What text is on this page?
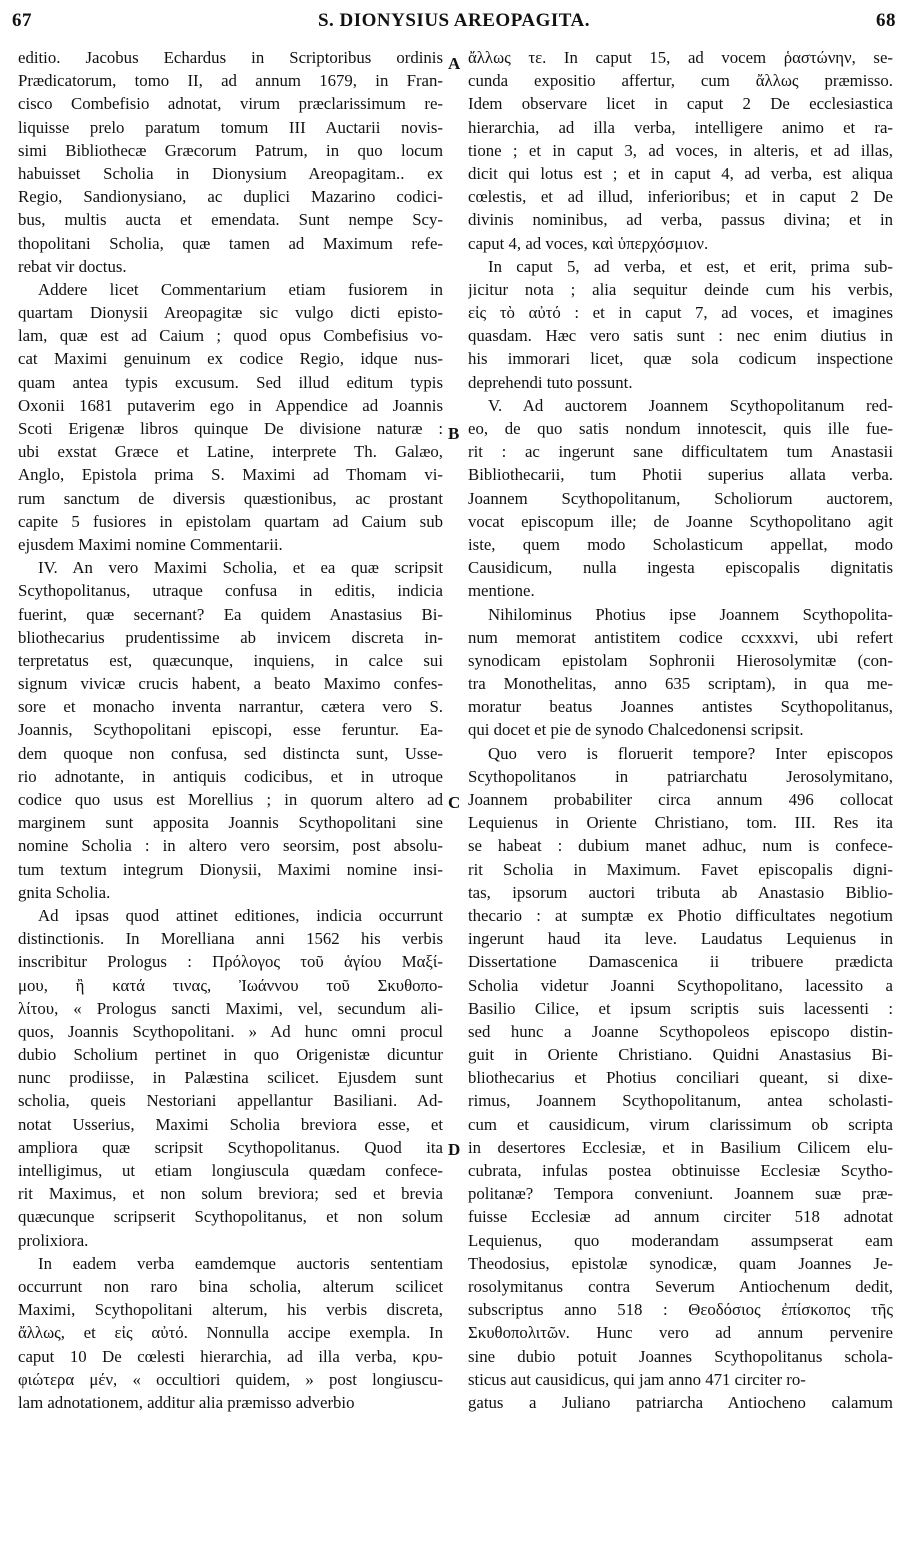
67	S. DIONYSIUS AREOPAGITA.	68
editio. Jacobus Echardus in Scriptoribus ordinis
Prædicatorum, tomo II, ad annum 1679, in Fran-
cisco Combefisio adnotat, virum præclarissimum re-
liquisse prelo paratum tomum III Auctarii novis-
simi Bibliothecæ Græcorum Patrum, in quo locum
habuisset Scholia in Dionysium Areopagitam.. ex
Regio, Sandionysiano, ac duplici Mazarino codici-
bus, multis aucta et emendata. Sunt nempe Scy-
thopolitani Scholia, quæ tamen ad Maximum refe-
rebat vir doctus.
Addere licet Commentarium etiam fusiorem in
quartam Dionysii Areopagitæ sic vulgo dicti episto-
lam, quæ est ad Caium ; quod opus Combefisius vo-
cat Maximi genuinum ex codice Regio, idque nus-
quam antea typis excusum. Sed illud editum typis
Oxonii 1681 putaverim ego in Appendice ad Joannis
Scoti Erigenæ libros quinque De divisione naturæ :
ubi exstat Græce et Latine, interprete Th. Galæo,
Anglo, Epistola prima S. Maximi ad Thomam vi-
rum sanctum de diversis quæstionibus, ac prostant
capite 5 fusiores in epistolam quartam ad Caium sub
ejusdem Maximi nomine Commentarii.
IV. An vero Maximi Scholia, et ea quæ scripsit
Scythopolitanus, utraque confusa in editis, indicia
fuerint, quæ secernant? Ea quidem Anastasius Bi-
bliothecarius prudentissime ab invicem discreta in-
terpretatus est, quæcunque, inquiens, in calce sui
signum vivicæ crucis habent, a beato Maximo confes-
sore et monacho inventa narrantur, cætera vero S.
Joannis, Scythopolitani episcopi, esse feruntur. Ea-
dem quoque non confusa, sed distincta sunt, Usse-
rio adnotante, in antiquis codicibus, et in utroque
codice quo usus est Morellius ; in quorum altero ad
marginem sunt apposita Joannis Scythopolitani sine
nomine Scholia : in altero vero seorsim, post absolu-
tum textum integrum Dionysii, Maximi nomine insi-
gnita Scholia.
Ad ipsas quod attinet editiones, indicia occurrunt
distinctionis. In Morelliana anni 1562 his verbis
inscribitur Prologus : Πρόλογος τοῦ ἁγίου Μαξί-
μου, ἢ κατά τινας, Ἰωάννου τοῦ Σκυθοπο-
λίτου, « Prologus sancti Maximi, vel, secundum ali-
quos, Joannis Scythopolitani. » Ad hunc omni procul
dubio Scholium pertinet in quo Origenistæ dicuntur
nunc prodiisse, in Palæstina scilicet. Ejusdem sunt
scholia, queis Nestoriani appellantur Basiliani. Ad-
notat Usserius, Maximi Scholia breviora esse, et
ampliora quæ scripsit Scythopolitanus. Quod ita
intelligimus, ut etiam longiuscula quædam confece-
rit Maximus, et non solum breviora; sed et brevia
quæcunque scripserit Scythopolitanus, et non solum
prolixiora.
In eadem verba eamdemque auctoris sententiam
occurrunt non raro bina scholia, alterum scilicet
Maximi, Scythopolitani alterum, his verbis discreta,
ἄλλως, et εἰς αὐτό. Nonnulla accipe exempla. In
caput 10 De cœlesti hierarchia, ad illa verba, κρυ-
φιώτερα μέν, « occultiori quidem, » post longiuscu-
lam adnotationem, additur alia præmisso adverbio
ἄλλως τε. In caput 15, ad vocem ῥαστώνην, se-
cunda expositio affertur, cum ἄλλως præmisso.
Idem observare licet in caput 2 De ecclesiastica
hierarchia, ad illa verba, intelligere animo et ra-
tione ; et in caput 3, ad voces, in alteris, et ad illas,
dicit qui lotus est ; et in caput 4, ad verba, est aliqua
cœlestis, et ad illud, inferioribus; et in caput 2 De
divinis nominibus, ad verba, passus divina; et in
caput 4, ad voces, καὶ ὑπερχόσμιον.
In caput 5, ad verba, et est, et erit, prima sub-
jicitur nota ; alia sequitur deinde cum his verbis,
εἰς τὸ αὐτό : et in caput 7, ad voces, et imagines
quasdam. Hæc vero satis sunt : nec enim diutius in
his immorari licet, quæ sola codicum inspectione
deprehendi tuto possunt.
V. Ad auctorem Joannem Scythopolitanum red-
eo, de quo satis nondum innotescit, quis ille fue-
rit : ac ingerunt sane difficultatem tum Anastasii
Bibliothecarii, tum Photii superius allata verba.
Joannem Scythopolitanum, Scholiorum auctorem,
vocat episcopum ille; de Joanne Scythopolitano agit
iste, quem modo Scholasticum appellat, modo
Causidicum, nulla ingesta episcopalis dignitatis
mentione.
Nihilominus Photius ipse Joannem Scythopolita-
num memorat antistitem codice ccxxxvi, ubi refert
synodicam epistolam Sophronii Hierosolymitæ (con-
tra Monothelitas, anno 635 scriptam), in qua me-
moratur beatus Joannes antistes Scythopolitanus,
qui docet et pie de synodo Chalcedonensi scripsit.
Quo vero is floruerit tempore? Inter episcopos
Scythopolitanos in patriarchatu Jerosolymitano,
Joannem probabiliter circa annum 496 collocat
Lequienus in Oriente Christiano, tom. III. Res ita
se habeat : dubium manet adhuc, num is confece-
rit Scholia in Maximum. Favet episcopalis digni-
tas, ipsorum auctori tributa ab Anastasio Biblio-
thecario : at sumptæ ex Photio difficultates negotium
ingerunt haud ita leve. Laudatus Lequienus in
Dissertatione Damascenica ii tribuere prædicta
Scholia videtur Joanni Scythopolitano, lacessito a
Basilio Cilice, et ipsum scriptis suis lacessenti :
sed hunc a Joanne Scythopoleos episcopo distin-
guit in Oriente Christiano. Quidni Anastasius Bi-
bliothecarius et Photius conciliari queant, si dixe-
rimus, Joannem Scythopolitanum, antea scholasti-
cum et causidicum, virum clarissimum ob scripta
in desertores Ecclesiæ, et in Basilium Cilicem elu-
cubrata, infulas postea obtinuisse Ecclesiæ Scytho-
politanæ? Tempora conveniunt. Joannem suæ præ-
fuisse Ecclesiæ ad annum circiter 518 adnotat
Lequienus, quo moderandam assumpserat eam
Theodosius, epistolæ synodicæ, quam Joannes Je-
rosolymitanus contra Severum Antiochenum dedit,
subscriptus anno 518 : Θεοδόσιος ἐπίσκοπος τῆς
Σκυθοπολιτῶν. Hunc vero ad annum pervenire
sine dubio potuit Joannes Scythopolitanus schola-
sticus aut causidicus, qui jam anno 471 circiter ro-
gatus a Juliano patriarcha Antiocheno calamum
A
B
C
D
